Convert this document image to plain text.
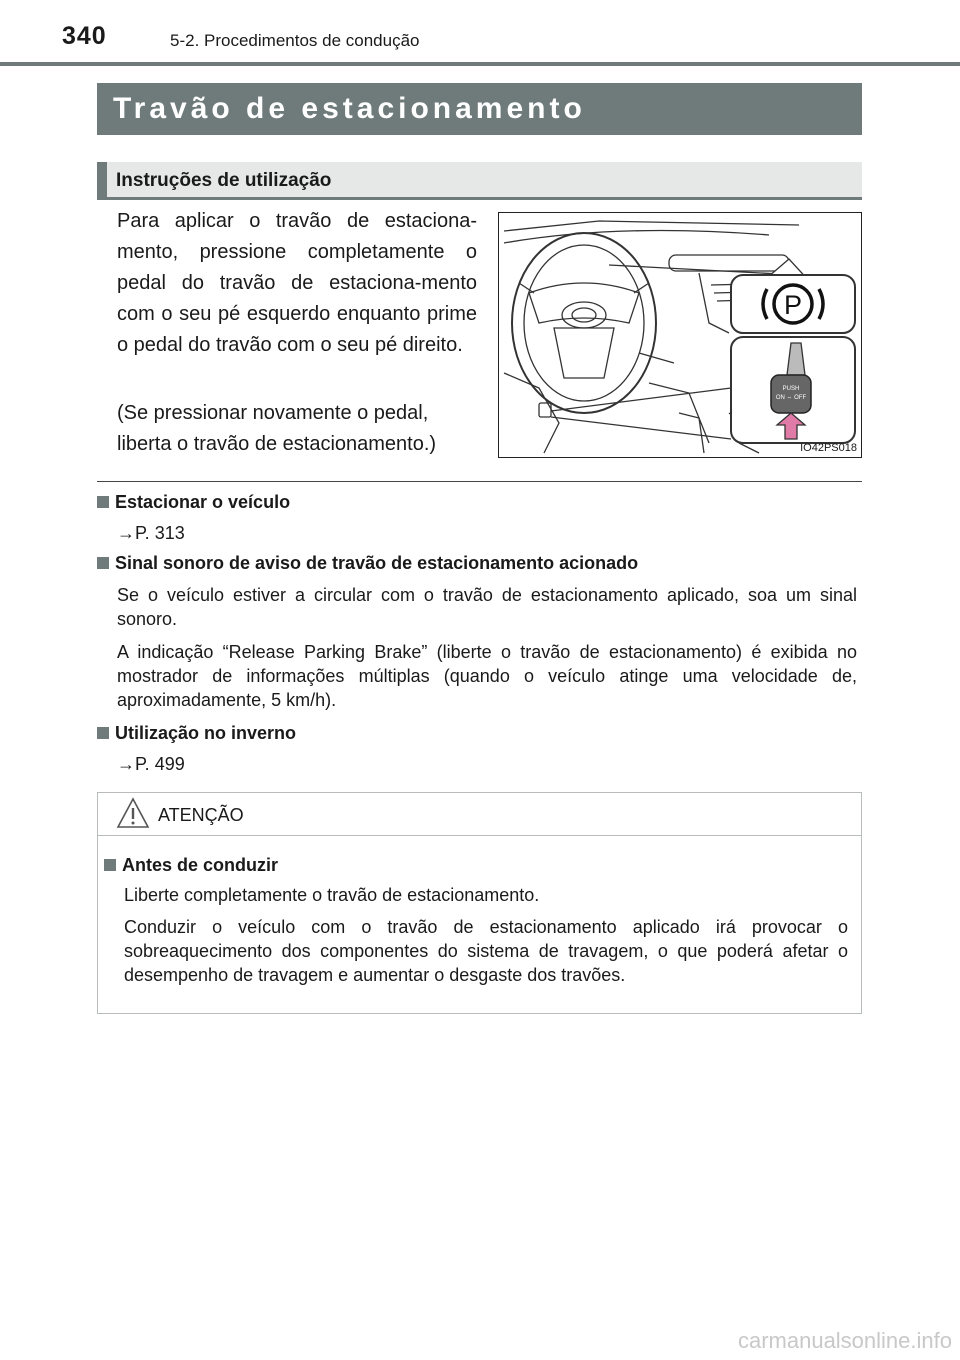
340	5-2. Procedimentos de condução
Travão de estacionamento
Instruções de utilização

Para aplicar o travão de estaciona-mento, pressione completamente o pedal do travão de estaciona-mento com o seu pé esquerdo enquanto prime o pedal do travão com o seu pé direito.

(Se pressionar novamente o pedal, liberta o travão de estacionamento.)

P
PUSH
ON ⇔ OFF
IO42PS018
Estacionar o veículo

→P. 313

Sinal sonoro de aviso de travão de estacionamento acionado

Se o veículo estiver a circular com o travão de estacionamento aplicado, soa um sinal sonoro.

A indicação “Release Parking Brake” (liberte o travão de estacionamento) é exibida no mostrador de informações múltiplas (quando o veículo atinge uma velocidade de, aproximadamente, 5 km/h).

Utilização no inverno

→P. 499

ATENÇÃO
Antes de conduzir

Liberte completamente o travão de estacionamento.

Conduzir o veículo com o travão de estacionamento aplicado irá provocar o sobreaquecimento dos componentes do sistema de travagem, o que poderá afetar o desempenho de travagem e aumentar o desgaste dos travões.

carmanualsonline.info
